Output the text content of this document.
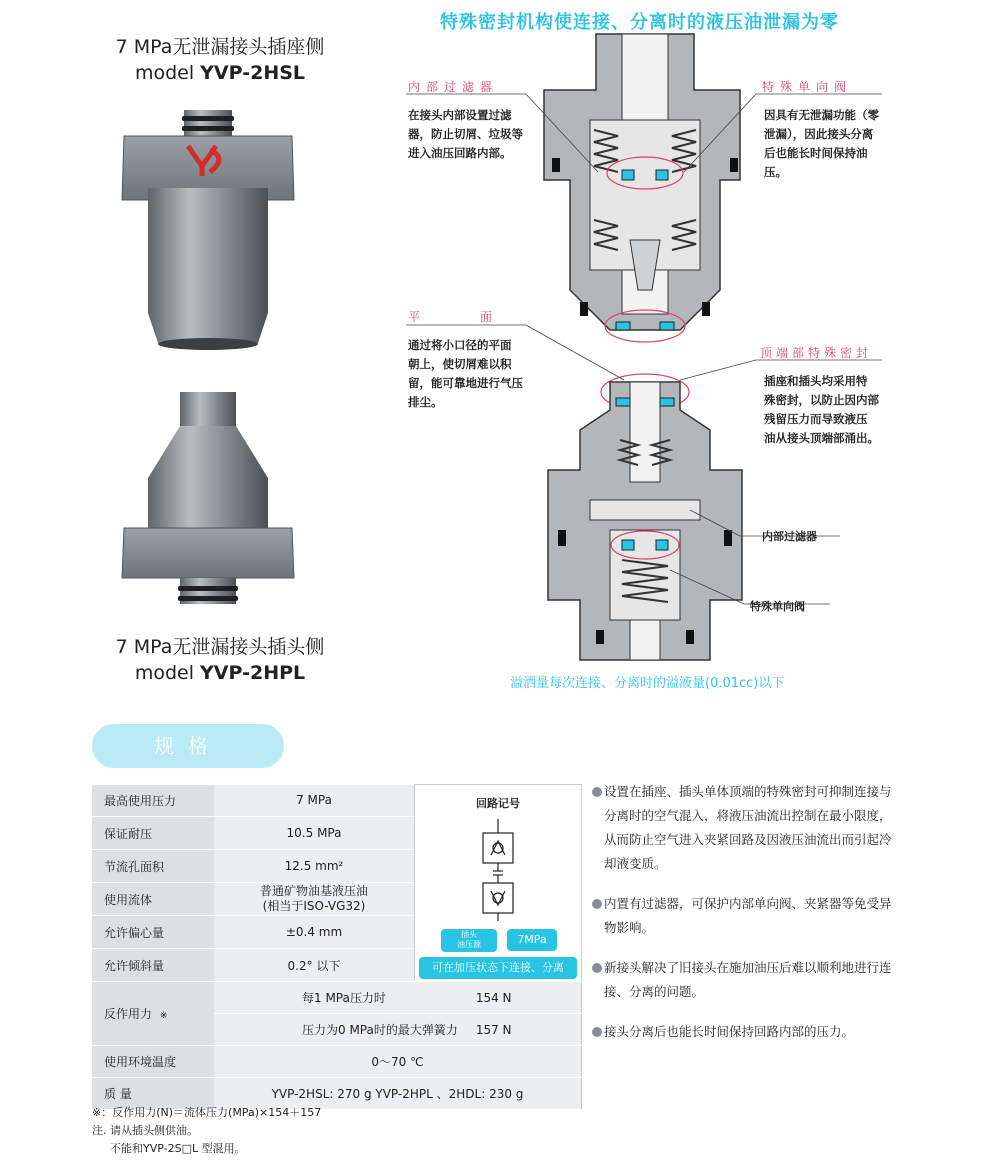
7 MPa无泄漏接头插座侧
model YVP-2HSL
7 MPa无泄漏接头插头侧
model YVP-2HPL
特殊密封机构使连接、分离时的液压油泄漏为零
内部过滤器
在接头内部设置过滤
器，防止切屑、垃圾等
进入油压回路内部。
平面
通过将小口径的平面
朝上，使切屑难以积
留，能可靠地进行气压
排尘。
特殊单向阀
因具有无泄漏功能（零
泄漏），因此接头分离
后也能长时间保持油
压。
顶端部特殊密封
插座和插头均采用特
殊密封，以防止因内部
残留压力而导致液压
油从接头顶端部涌出。
内部过滤器
特殊单向阀
溢洒量每次连接、分离时的溢液量(0.01cc)以下
规格
最高使用压力	7 MPa	回路记号
插头
油压源 7MPa
可在加压状态下连接、分离

保证耐压	10.5 MPa	
节流孔面积	12.5 mm²	
使用流体	普通矿物油基液压油
(相当于ISO-VG32)	

允许偏心量	±0.4 mm	
允许倾斜量	0.2° 以下	
反作用力 ※	每1 MPa压力时 154 N	
	压力为0 MPa时的最大弹簧力 157 N	
使用环境温度	0〜70 ℃	
质 量	YVP-2HSL: 270 g YVP-2HPL 、2HDL: 230 g	

设置在插座、插头单体顶端的特殊密封可抑制连接与分离时的空气混入，将液压油流出控制在最小限度，从而防止空气进入夹紧回路及因液压油流出而引起冷却液变质。

内置有过滤器，可保护内部单向阀、夹紧器等免受异物影响。

新接头解决了旧接头在施加油压后难以顺利地进行连接、分离的问题。

接头分离后也能长时间保持回路内部的压力。

※：反作用力(N)＝流体压力(MPa)×154＋157
注. 请从插头侧供油。
不能和YVP-2S□L 型混用。
